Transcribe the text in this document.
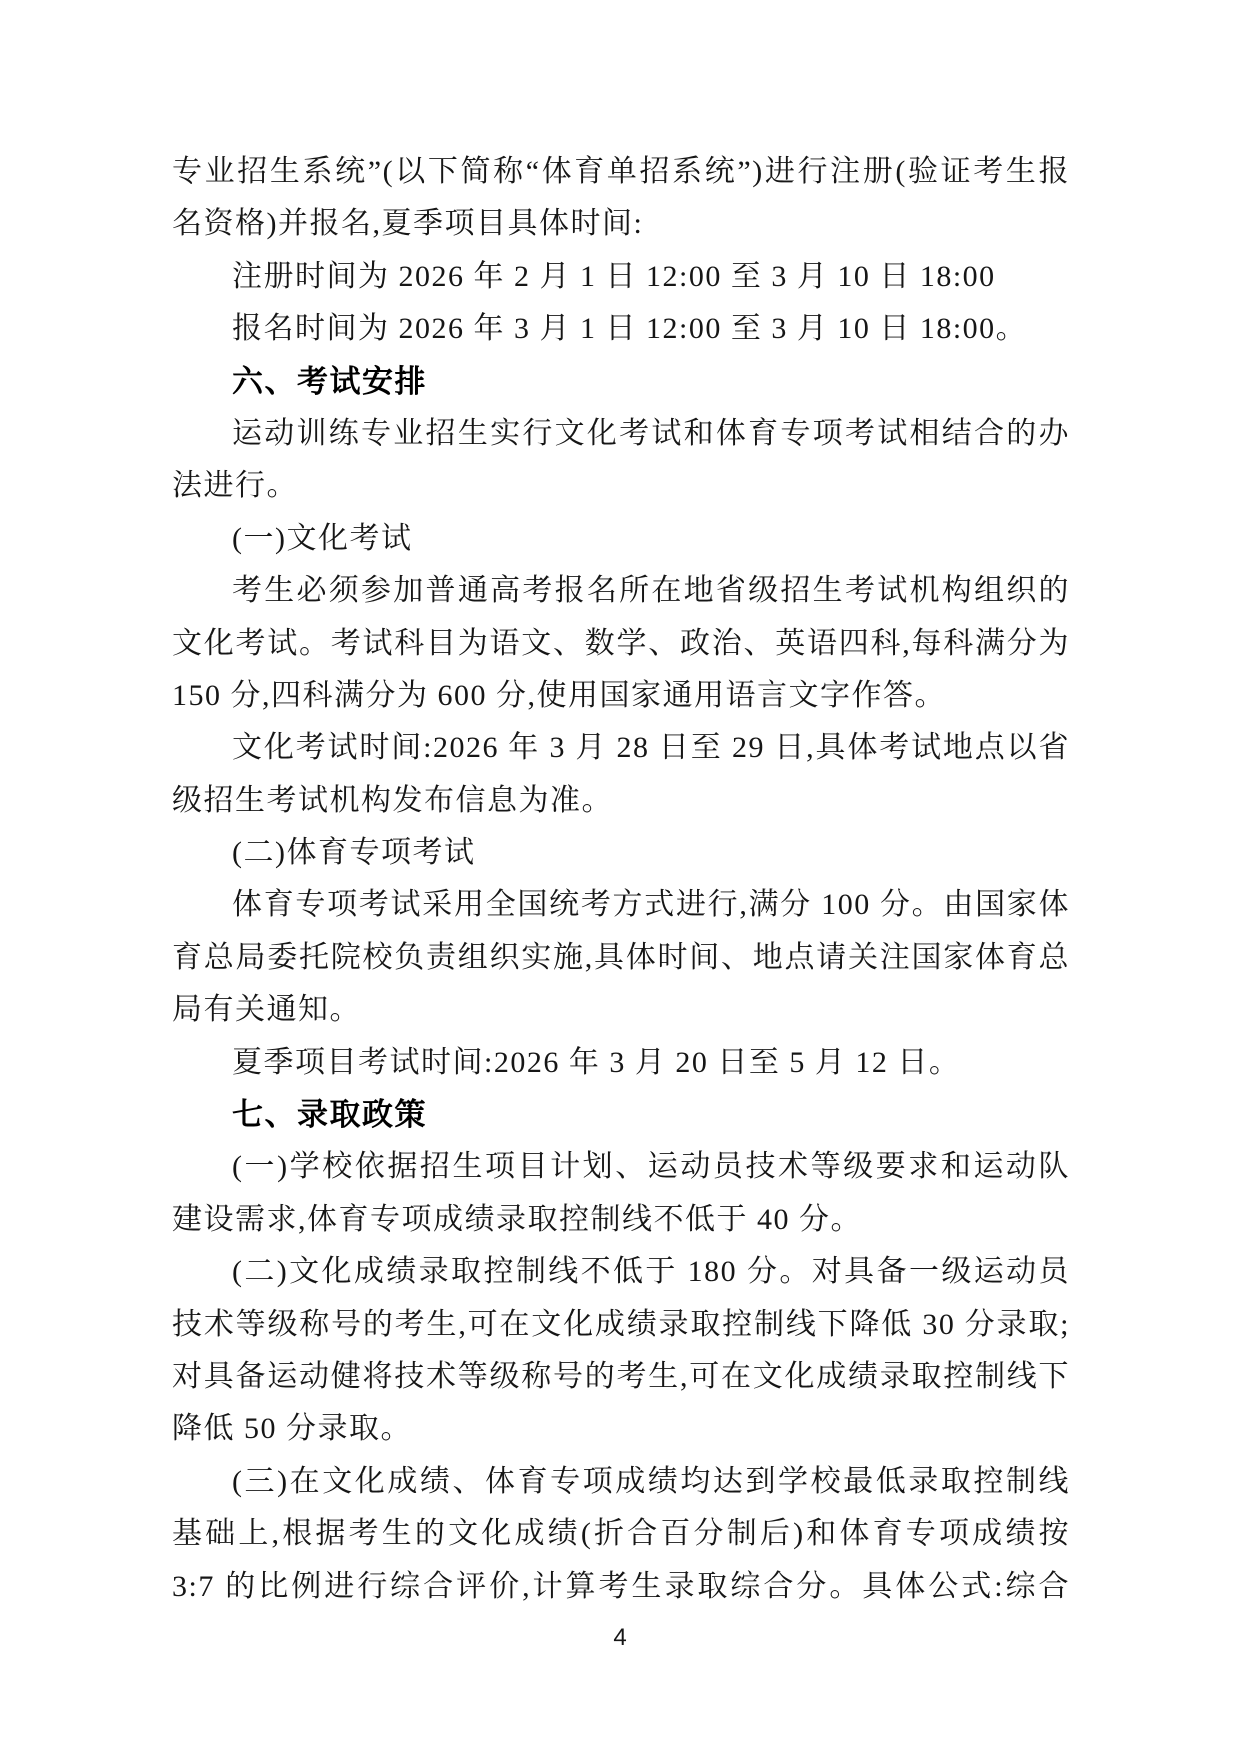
专业招生系统”(以下简称“体育单招系统”)进行注册(验证考生报
名资格)并报名,夏季项目具体时间:
注册时间为 2026 年 2 月 1 日 12:00 至 3 月 10 日 18:00
报名时间为 2026 年 3 月 1 日 12:00 至 3 月 10 日 18:00。
六、考试安排
运动训练专业招生实行文化考试和体育专项考试相结合的办
法进行。
(一)文化考试
考生必须参加普通高考报名所在地省级招生考试机构组织的
文化考试。考试科目为语文、数学、政治、英语四科,每科满分为
150 分,四科满分为 600 分,使用国家通用语言文字作答。
文化考试时间:2026 年 3 月 28 日至 29 日,具体考试地点以省
级招生考试机构发布信息为准。
(二)体育专项考试
体育专项考试采用全国统考方式进行,满分 100 分。由国家体
育总局委托院校负责组织实施,具体时间、地点请关注国家体育总
局有关通知。
夏季项目考试时间:2026 年 3 月 20 日至 5 月 12 日。
七、录取政策
(一)学校依据招生项目计划、运动员技术等级要求和运动队
建设需求,体育专项成绩录取控制线不低于 40 分。
(二)文化成绩录取控制线不低于 180 分。对具备一级运动员
技术等级称号的考生,可在文化成绩录取控制线下降低 30 分录取;
对具备运动健将技术等级称号的考生,可在文化成绩录取控制线下
降低 50 分录取。
(三)在文化成绩、体育专项成绩均达到学校最低录取控制线
基础上,根据考生的文化成绩(折合百分制后)和体育专项成绩按
3:7 的比例进行综合评价,计算考生录取综合分。具体公式:综合
4
